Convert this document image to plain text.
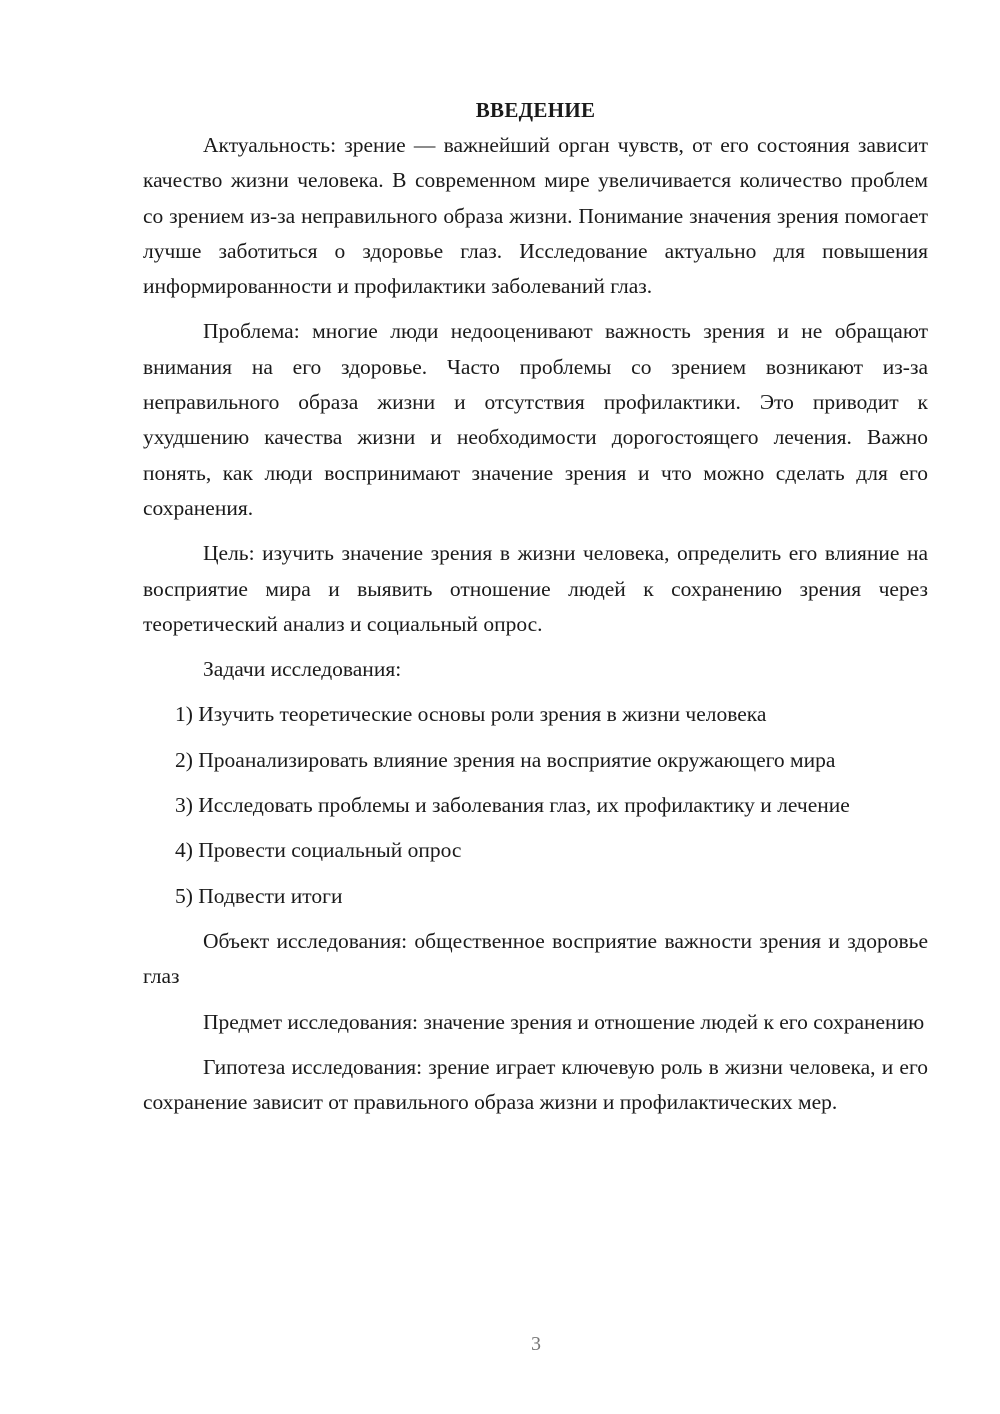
ВВЕДЕНИЕ

Актуальность: зрение — важнейший орган чувств, от его состояния зависит качество жизни человека. В современном мире увеличивается количество проблем со зрением из-за неправильного образа жизни. Понимание значения зрения помогает лучше заботиться о здоровье глаз. Исследование актуально для повышения информированности и профилактики заболеваний глаз.

Проблема: многие люди недооценивают важность зрения и не обращают внимания на его здоровье. Часто проблемы со зрением возникают из-за неправильного образа жизни и отсутствия профилактики. Это приводит к ухудшению качества жизни и необходимости дорогостоящего лечения. Важно понять, как люди воспринимают значение зрения и что можно сделать для его сохранения.

Цель: изучить значение зрения в жизни человека, определить его влияние на восприятие мира и выявить отношение людей к сохранению зрения через теоретический анализ и социальный опрос.

Задачи исследования:

1) Изучить теоретические основы роли зрения в жизни человека

2) Проанализировать влияние зрения на восприятие окружающего мира

3) Исследовать проблемы и заболевания глаз, их профилактику и лечение

4) Провести социальный опрос

5) Подвести итоги

Объект исследования: общественное восприятие важности зрения и здоровье глаз

Предмет исследования: значение зрения и отношение людей к его сохранению

Гипотеза исследования: зрение играет ключевую роль в жизни человека, и его сохранение зависит от правильного образа жизни и профилактических мер.

3
